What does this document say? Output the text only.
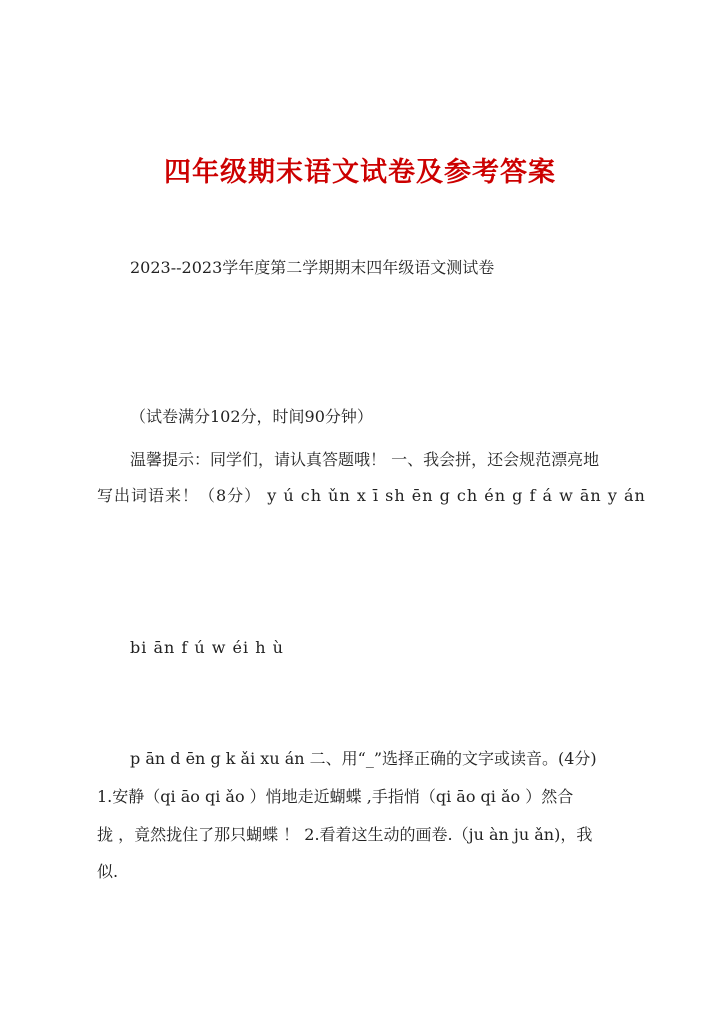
四年级期末语文试卷及参考答案
2023--2023学年度第二学期期末四年级语文测试卷
（试卷满分102分，时间90分钟）
温馨提示：同学们，请认真答题哦！ 一、我会拼，还会规范漂亮地
写出词语来！（8分） y ú ch ǔn x ī sh ēn g ch én g f á w ān y án
bi ān f ú w éi h ù
p ān d ēn g k ǎi xu án 二、用“_”选择正确的文字或读音。(4分)
1.安静（qi āo qi ǎo ）悄地走近蝴蝶 ,手指悄（qi āo qi ǎo ）然合
拢 ，竟然拢住了那只蝴蝶 ！ 2.看着这生动的画卷.（ju àn ju ǎn)，我
似.
